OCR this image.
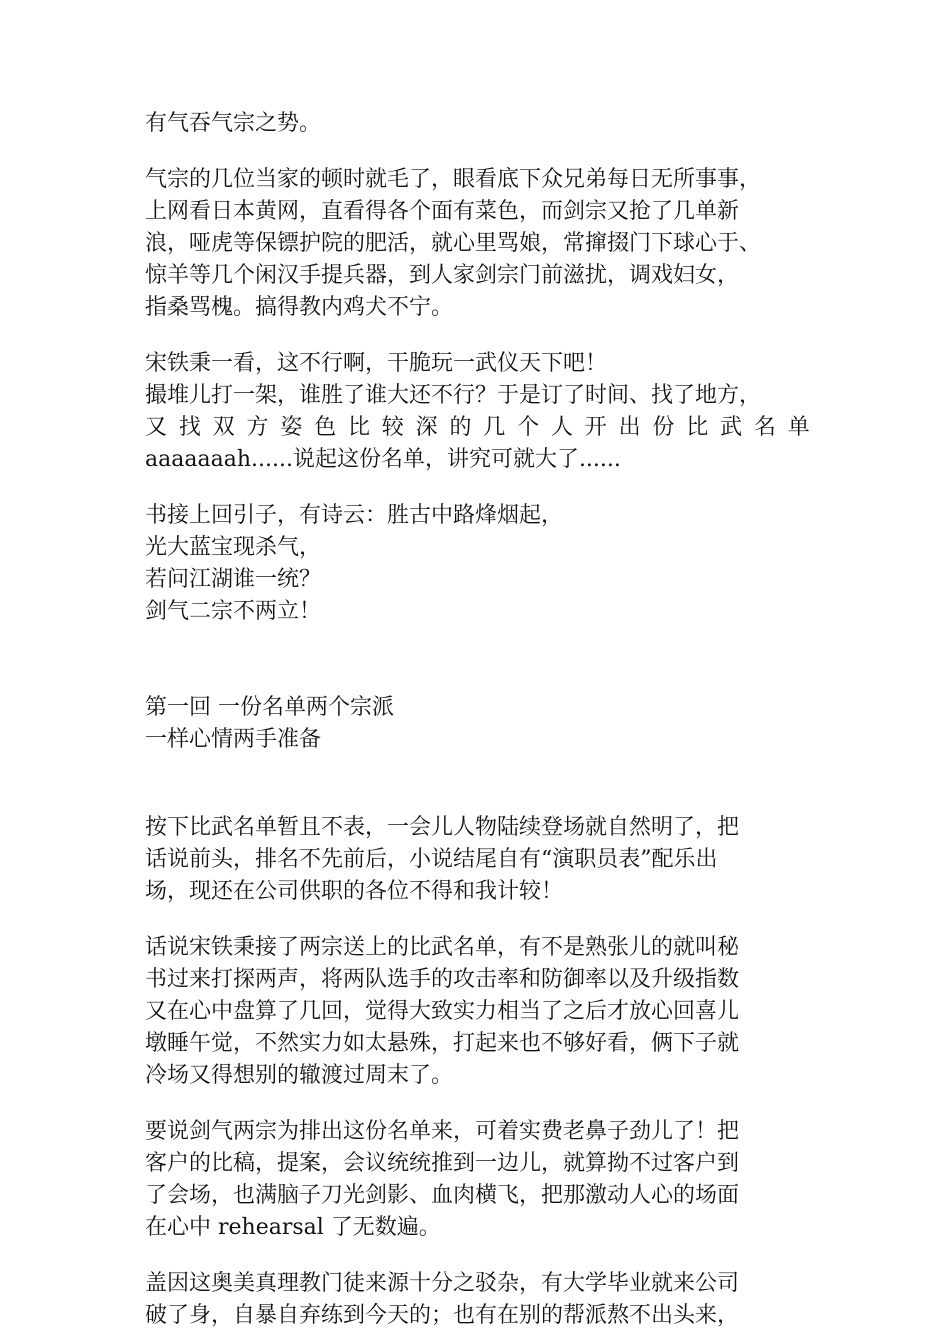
有气吞气宗之势。
气宗的几位当家的顿时就毛了，眼看底下众兄弟每日无所事事，
上网看日本黄网，直看得各个面有菜色，而剑宗又抢了几单新
浪，哑虎等保镖护院的肥活，就心里骂娘，常撺掇门下球心于、
惊羊等几个闲汉手提兵器，到人家剑宗门前滋扰，调戏妇女，
指桑骂槐。搞得教内鸡犬不宁。
宋铁秉一看，这不行啊，干脆玩一武仪天下吧！
撮堆儿打一架，谁胜了谁大还不行？于是订了时间、找了地方，
又 找 双 方 姿 色 比 较 深 的 几 个 人 开 出 份 比 武 名 单
aaaaaaah......说起这份名单，讲究可就大了......
书接上回引子，有诗云：胜古中路烽烟起，
光大蓝宝现杀气，
若问江湖谁一统？
剑气二宗不两立！
第一回 一份名单两个宗派
一样心情两手准备
按下比武名单暂且不表，一会儿人物陆续登场就自然明了，把
话说前头，排名不先前后，小说结尾自有“演职员表”配乐出
场，现还在公司供职的各位不得和我计较！
话说宋铁秉接了两宗送上的比武名单，有不是熟张儿的就叫秘
书过来打探两声，将两队选手的攻击率和防御率以及升级指数
又在心中盘算了几回，觉得大致实力相当了之后才放心回喜儿
墩睡午觉，不然实力如太悬殊，打起来也不够好看，俩下子就
冷场又得想别的辙渡过周末了。
要说剑气两宗为排出这份名单来，可着实费老鼻子劲儿了！把
客户的比稿，提案，会议统统推到一边儿，就算拗不过客户到
了会场，也满脑子刀光剑影、血肉横飞，把那激动人心的场面
在心中 rehearsal 了无数遍。
盖因这奥美真理教门徒来源十分之驳杂，有大学毕业就来公司
破了身，自暴自弃练到今天的；也有在别的帮派熬不出头来，
